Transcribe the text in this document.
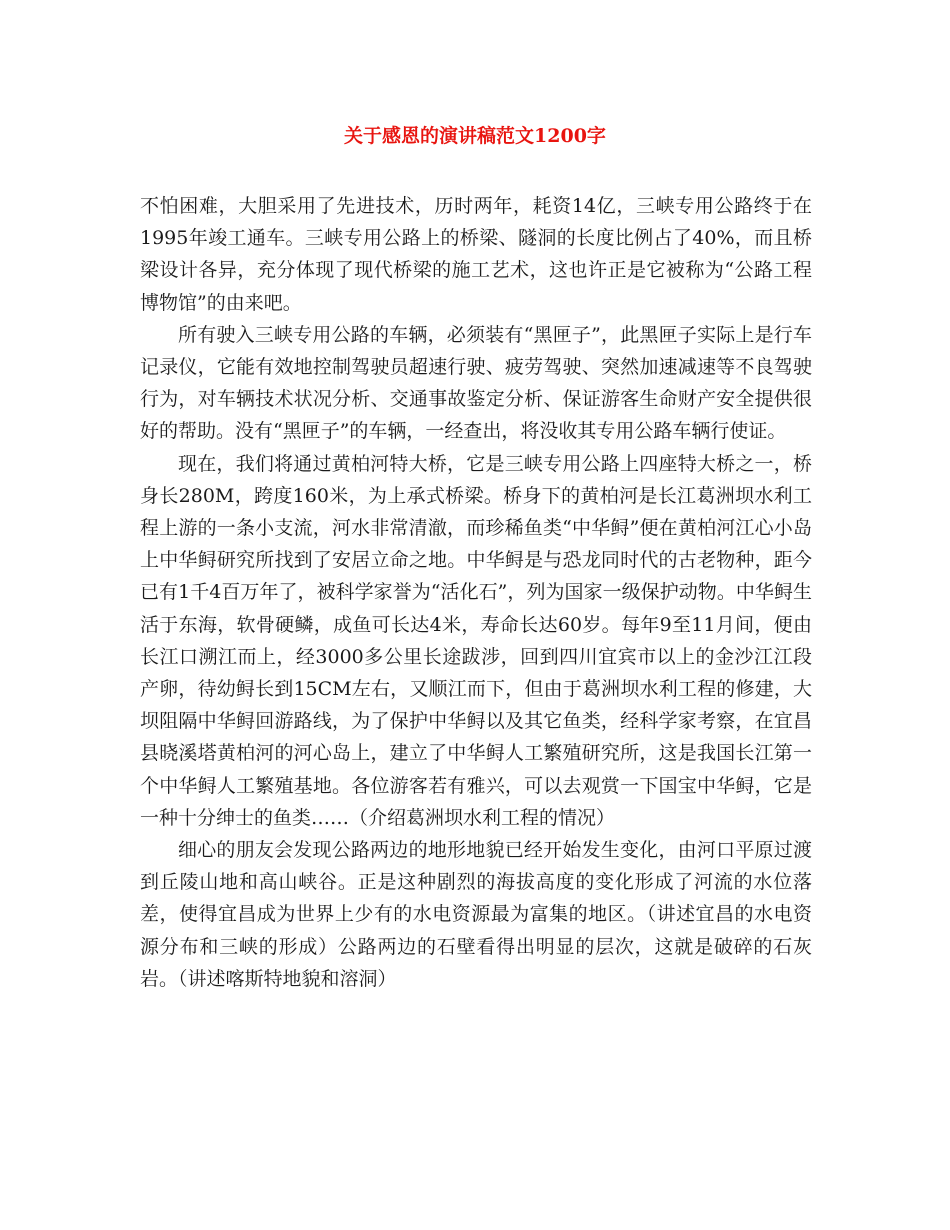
关于感恩的演讲稿范文1200字

不怕困难，大胆采用了先进技术，历时两年，耗资14亿，三峡专用公路终于在1995年竣工通车。三峡专用公路上的桥梁、隧洞的长度比例占了40%，而且桥梁设计各异，充分体现了现代桥梁的施工艺术，这也许正是它被称为“公路工程博物馆”的由来吧。

所有驶入三峡专用公路的车辆，必须装有“黑匣子”，此黑匣子实际上是行车记录仪，它能有效地控制驾驶员超速行驶、疲劳驾驶、突然加速减速等不良驾驶行为，对车辆技术状况分析、交通事故鉴定分析、保证游客生命财产安全提供很好的帮助。没有“黑匣子”的车辆，一经查出，将没收其专用公路车辆行使证。

现在，我们将通过黄柏河特大桥，它是三峡专用公路上四座特大桥之一，桥身长280M，跨度160米，为上承式桥梁。桥身下的黄柏河是长江葛洲坝水利工程上游的一条小支流，河水非常清澈，而珍稀鱼类“中华鲟”便在黄柏河江心小岛上中华鲟研究所找到了安居立命之地。中华鲟是与恐龙同时代的古老物种，距今已有1千4百万年了，被科学家誉为“活化石”，列为国家一级保护动物。中华鲟生活于东海，软骨硬鳞，成鱼可长达4米，寿命长达60岁。每年9至11月间，便由长江口溯江而上，经3000多公里长途跋涉，回到四川宜宾市以上的金沙江江段产卵，待幼鲟长到15CM左右，又顺江而下，但由于葛洲坝水利工程的修建，大坝阻隔中华鲟回游路线，为了保护中华鲟以及其它鱼类，经科学家考察，在宜昌县晓溪塔黄柏河的河心岛上，建立了中华鲟人工繁殖研究所，这是我国长江第一个中华鲟人工繁殖基地。各位游客若有雅兴，可以去观赏一下国宝中华鲟，它是一种十分绅士的鱼类……（介绍葛洲坝水利工程的情况）

细心的朋友会发现公路两边的地形地貌已经开始发生变化，由河口平原过渡到丘陵山地和高山峡谷。正是这种剧烈的海拔高度的变化形成了河流的水位落差，使得宜昌成为世界上少有的水电资源最为富集的地区。（讲述宜昌的水电资源分布和三峡的形成）公路两边的石壁看得出明显的层次，这就是破碎的石灰岩。（讲述喀斯特地貌和溶洞）
